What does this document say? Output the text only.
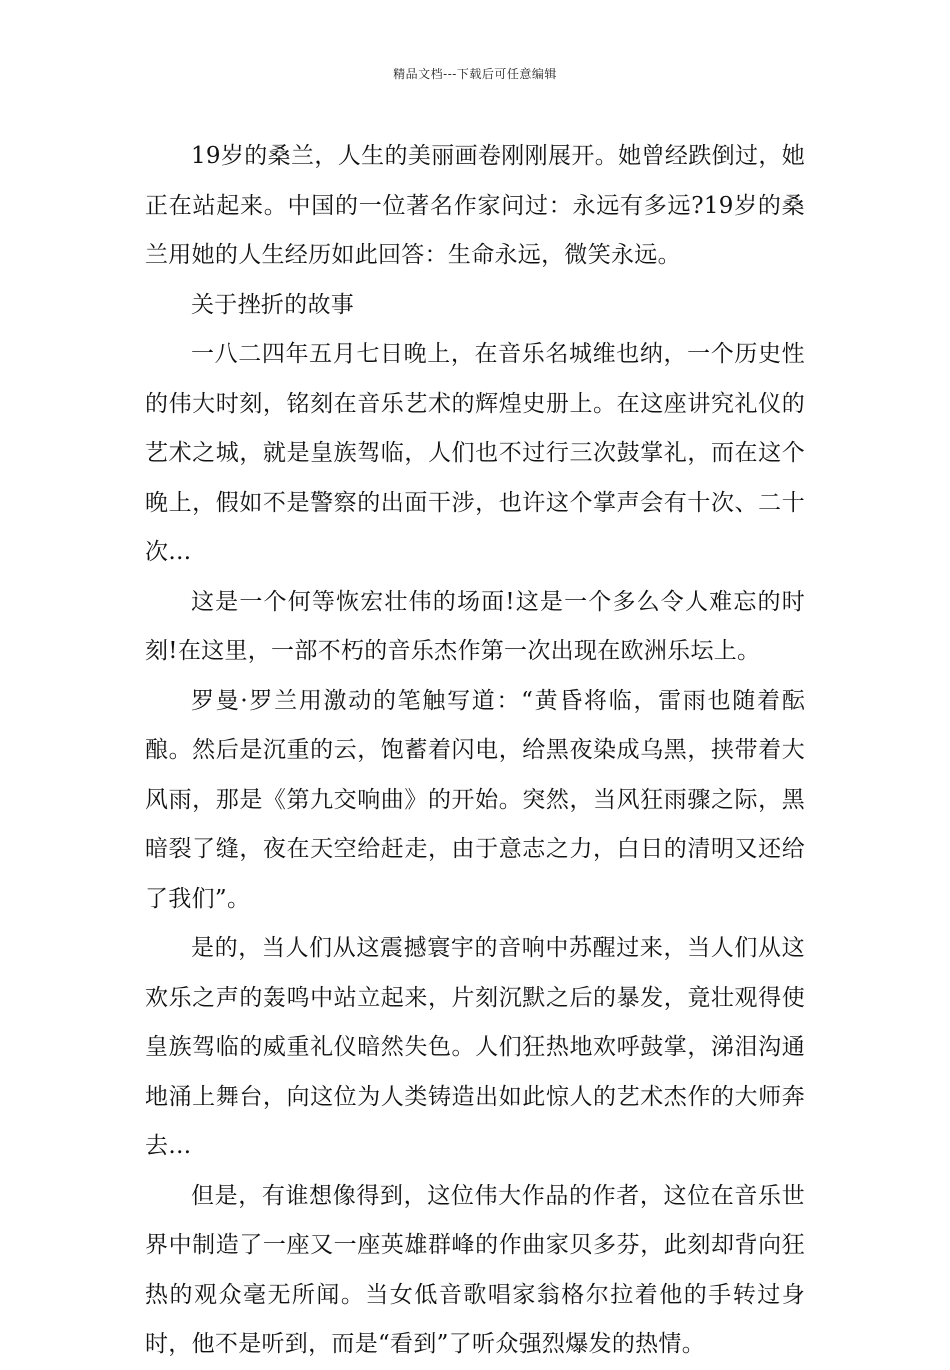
精品文档---下载后可任意编辑

19岁的桑兰，人生的美丽画卷刚刚展开。她曾经跌倒过，她正在站起来。中国的一位著名作家问过：永远有多远?19岁的桑兰用她的人生经历如此回答：生命永远，微笑永远。

关于挫折的故事

一八二四年五月七日晚上，在音乐名城维也纳，一个历史性的伟大时刻，铭刻在音乐艺术的辉煌史册上。在这座讲究礼仪的艺术之城，就是皇族驾临，人们也不过行三次鼓掌礼，而在这个晚上，假如不是警察的出面干涉，也许这个掌声会有十次、二十次…

这是一个何等恢宏壮伟的场面!这是一个多么令人难忘的时刻!在这里，一部不朽的音乐杰作第一次出现在欧洲乐坛上。

罗曼·罗兰用激动的笔触写道：“黄昏将临，雷雨也随着酝酿。然后是沉重的云，饱蓄着闪电，给黑夜染成乌黑，挟带着大风雨，那是《第九交响曲》的开始。突然，当风狂雨骤之际，黑暗裂了缝，夜在天空给赶走，由于意志之力，白日的清明又还给了我们”。

是的，当人们从这震撼寰宇的音响中苏醒过来，当人们从这欢乐之声的轰鸣中站立起来，片刻沉默之后的暴发，竟壮观得使皇族驾临的威重礼仪暗然失色。人们狂热地欢呼鼓掌，涕泪沟通地涌上舞台，向这位为人类铸造出如此惊人的艺术杰作的大师奔去…

但是，有谁想像得到，这位伟大作品的作者，这位在音乐世界中制造了一座又一座英雄群峰的作曲家贝多芬，此刻却背向狂热的观众毫无所闻。当女低音歌唱家翁格尔拉着他的手转过身时，他不是听到，而是“看到”了听众强烈爆发的热情。
